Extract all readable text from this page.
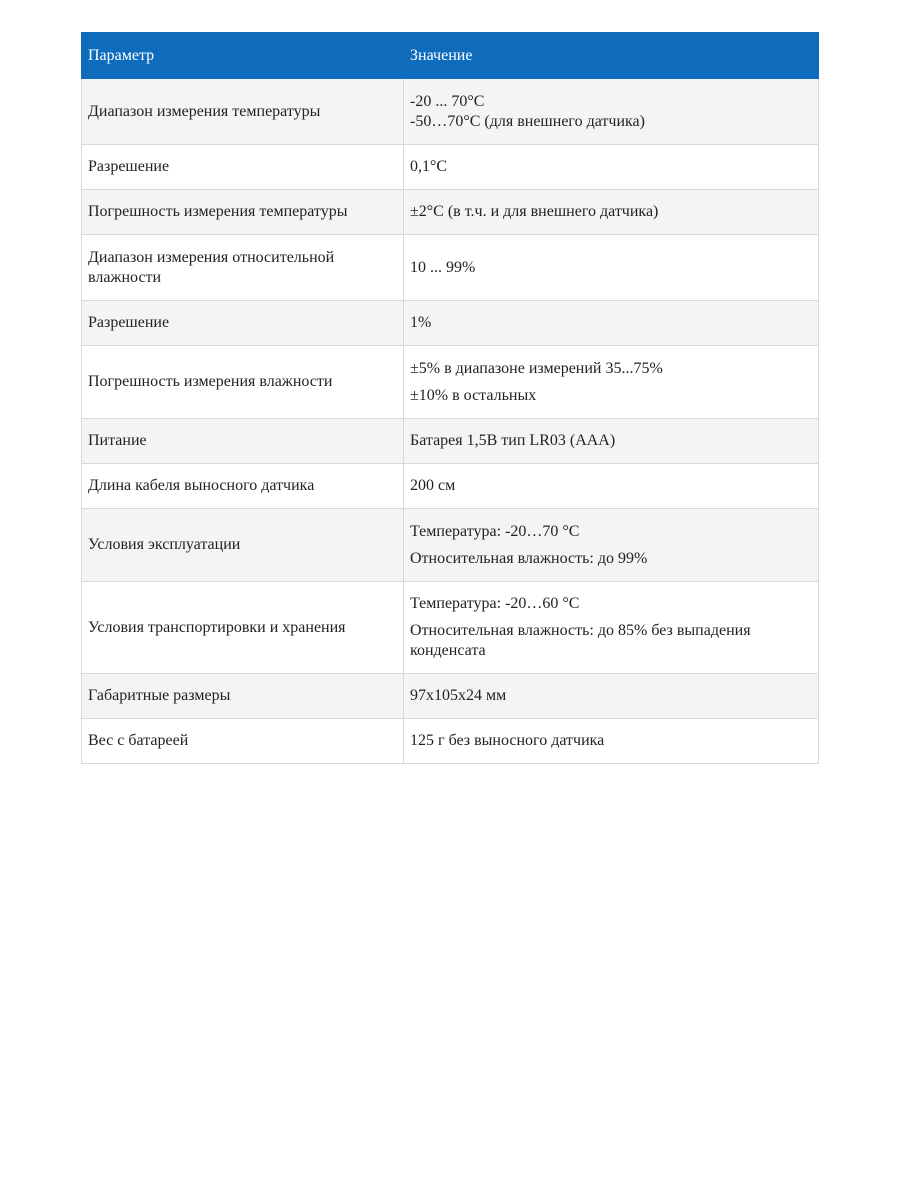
Параметр	Значение
Диапазон измерения температуры	-20 ... 70°C
-50…70°C (для внешнего датчика)

Разрешение	0,1°C
Погрешность измерения температуры	±2°C (в т.ч. и для внешнего датчика)
Диапазон измерения относительной влажности	10 ... 99%
Разрешение	1%
Погрешность измерения влажности	±5% в диапазоне измерений 35...75%
±10% в остальных

Питание	Батарея 1,5В тип LR03 (ААА)
Длина кабеля выносного датчика	200 см
Условия эксплуатации	Температура: -20…70 °С
Относительная влажность: до 99%

Условия транспортировки и хранения	Температура: -20…60 °С
Относительная влажность: до 85% без выпадения конденсата

Габаритные размеры	97х105х24 мм
Вес с батареей	125 г без выносного датчика
